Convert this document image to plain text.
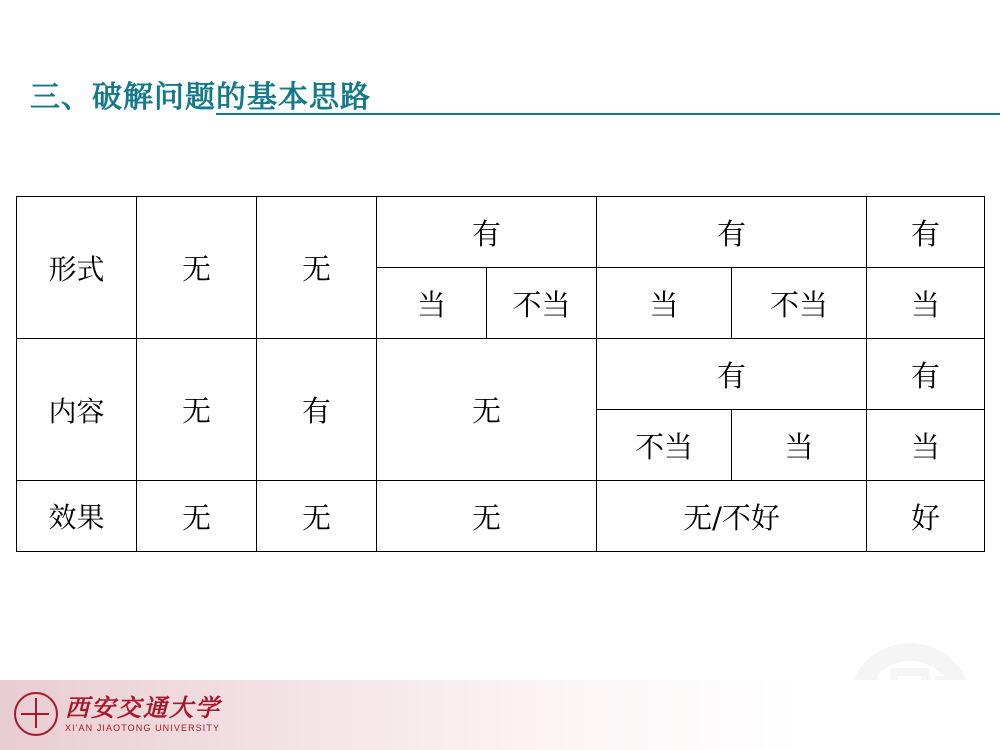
三、破解问题的基本思路
形式	无	无	有		有		有
			当	不当	当	不当	当
内容	无	有	无		有		有
					不当	当	当
效果	无	无	无		无/不好		好

西安交通大学
XI'AN JIAOTONG UNIVERSITY
